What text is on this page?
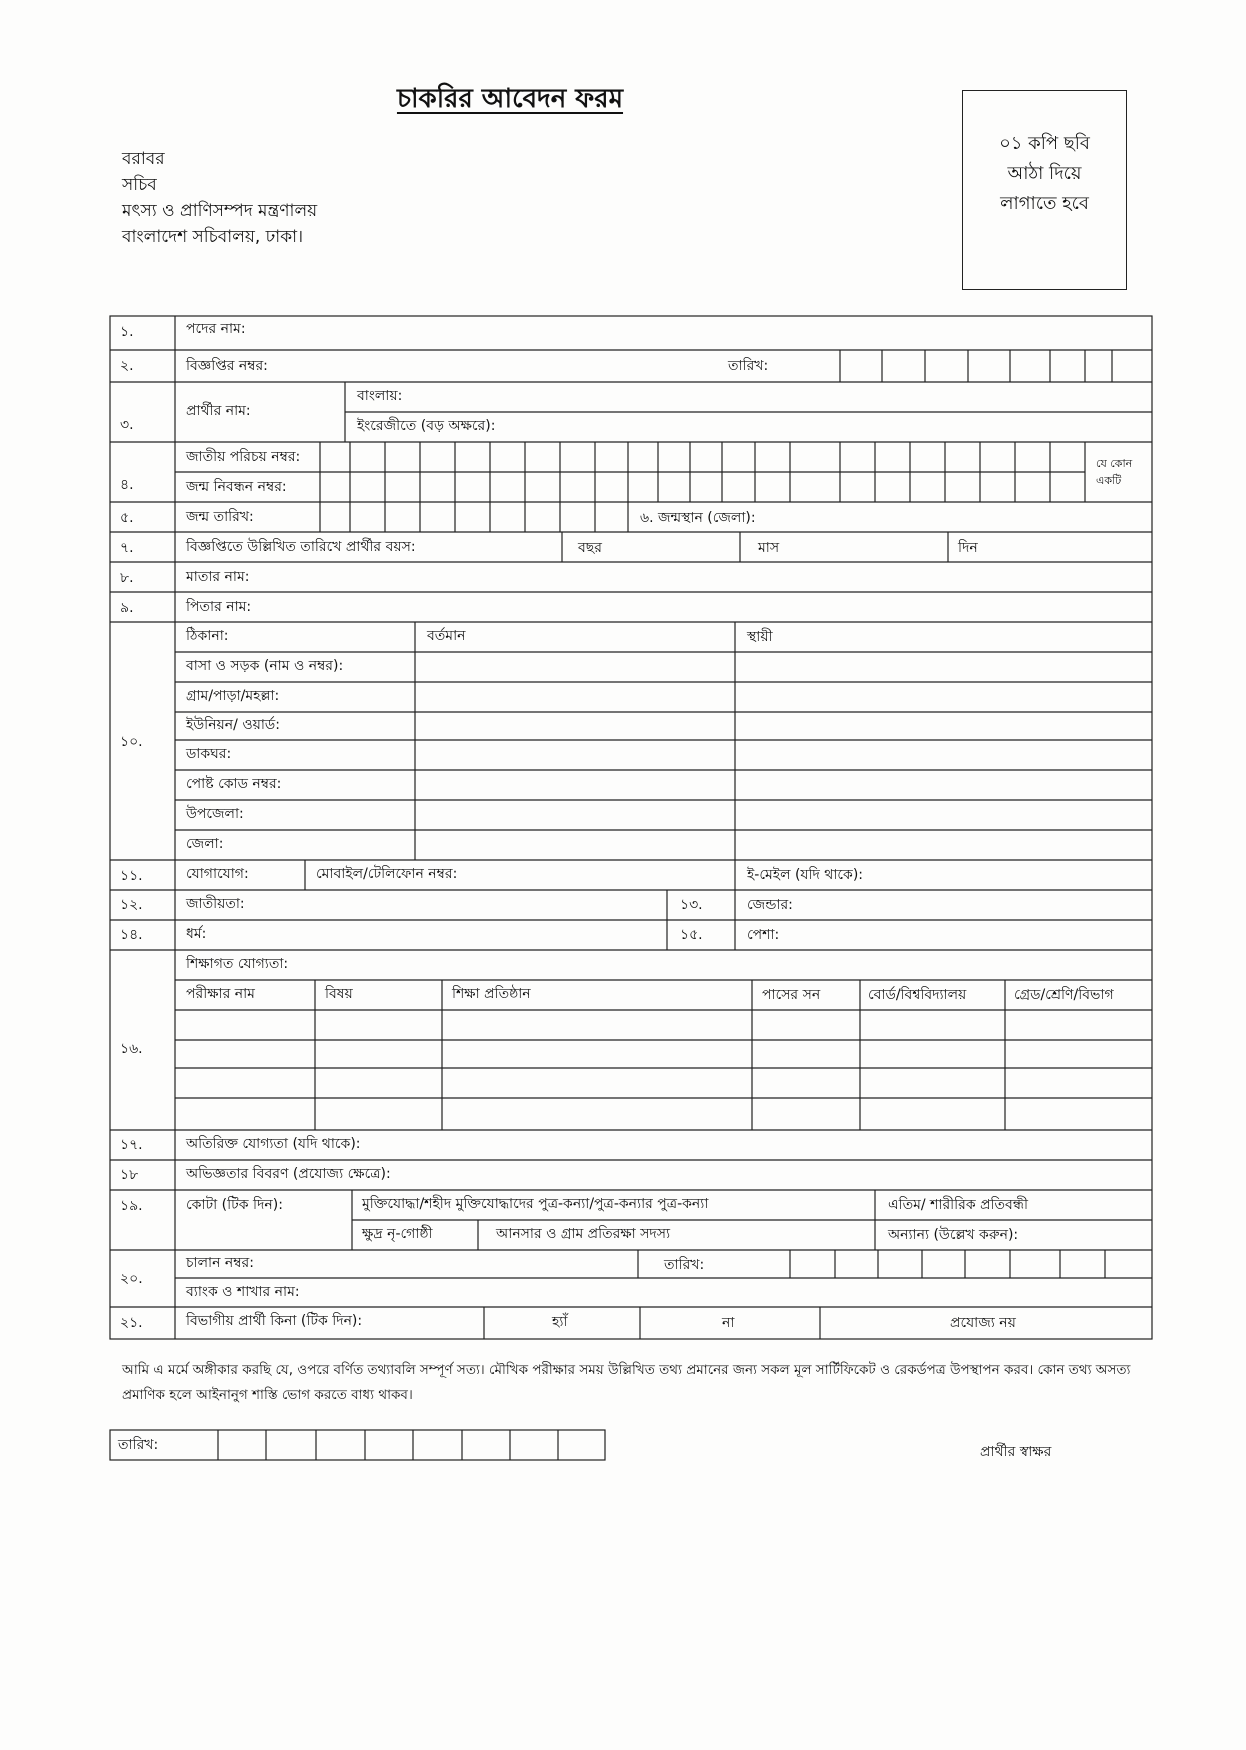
চাকরির আবেদন ফরম
বরাবর
সচিব
মৎস্য ও প্রাণিসম্পদ মন্ত্রণালয়
বাংলাদেশ সচিবালয়, ঢাকা।
০১ কপি ছবি
আঠা দিয়ে
লাগাতে হবে
১.	পদের নাম:
২.	বিজ্ঞপ্তির নম্বর:	তারিখ:
৩.
প্রার্থীর নাম:
বাংলায়:
ইংরেজীতে (বড় অক্ষরে):
৪.
জাতীয় পরিচয় নম্বর:
জন্ম নিবন্ধন নম্বর:
যে কোন
একটি
৫.	জন্ম তারিখ:	৬. জন্মস্থান (জেলা):
৭.	বিজ্ঞপ্তিতে উল্লিখিত তারিখে প্রার্থীর বয়স:	বছর	মাস	দিন
৮.	মাতার নাম:
৯.	পিতার নাম:
১০.
ঠিকানা:	বর্তমান	স্থায়ী
বাসা ও সড়ক (নাম ও নম্বর):
গ্রাম/পাড়া/মহল্লা:
ইউনিয়ন/ ওয়ার্ড:
ডাকঘর:
পোষ্ট কোড নম্বর:
উপজেলা:
জেলা:
১১.	যোগাযোগ:	মোবাইল/টেলিফোন নম্বর:	ই-মেইল (যদি থাকে):
১২.	জাতীয়তা:	১৩.	জেন্ডার:
১৪.	ধর্ম:	১৫.	পেশা:
১৬.
শিক্ষাগত যোগ্যতা:
পরীক্ষার নাম	বিষয়	শিক্ষা প্রতিষ্ঠান	পাসের সন	বোর্ড/বিশ্ববিদ্যালয়	গ্রেড/শ্রেণি/বিভাগ
১৭.	অতিরিক্ত যোগ্যতা (যদি থাকে):
১৮	অভিজ্ঞতার বিবরণ (প্রযোজ্য ক্ষেত্রে):
১৯.	কোটা (টিক দিন):	মুক্তিযোদ্ধা/শহীদ মুক্তিযোদ্ধাদের পুত্র-কন্যা/পুত্র-কন্যার পুত্র-কন্যা	এতিম/ শারীরিক প্রতিবন্ধী
ক্ষুদ্র নৃ-গোষ্ঠী	আনসার ও গ্রাম প্রতিরক্ষা সদস্য	অন্যান্য (উল্লেখ করুন):
২০.
চালান নম্বর:	তারিখ:
ব্যাংক ও শাখার নাম:
২১.	বিভাগীয় প্রার্থী কিনা (টিক দিন):	হ্যাঁ	না	প্রযোজ্য নয়
আমি এ মর্মে অঙ্গীকার করছি যে, ওপরে বর্ণিত তথ্যাবলি সম্পূর্ণ সত্য। মৌখিক পরীক্ষার সময় উল্লিখিত তথ্য প্রমানের জন্য সকল মূল সার্টিফিকেট ও রেকর্ডপত্র উপস্থাপন করব। কোন তথ্য অসত্য প্রমাণিক হলে আইনানুগ শাস্তি ভোগ করতে বাধ্য থাকব।
তারিখ:	প্রার্থীর স্বাক্ষর
